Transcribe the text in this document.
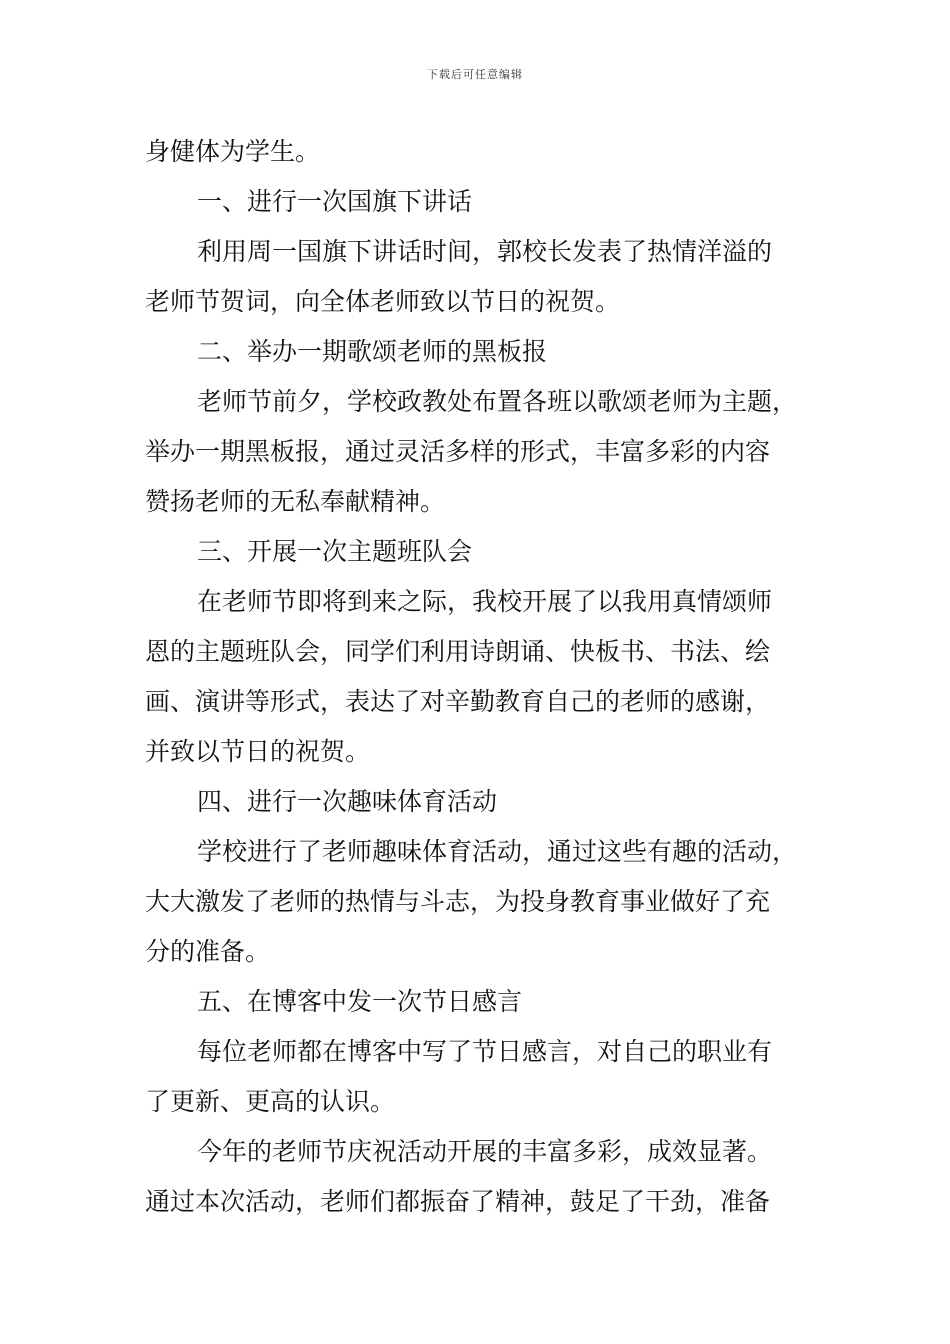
下载后可任意编辑
身健体为学生。
一、进行一次国旗下讲话
利用周一国旗下讲话时间，郭校长发表了热情洋溢的
老师节贺词，向全体老师致以节日的祝贺。
二、举办一期歌颂老师的黑板报
老师节前夕，学校政教处布置各班以歌颂老师为主题，
举办一期黑板报，通过灵活多样的形式，丰富多彩的内容
赞扬老师的无私奉献精神。
三、开展一次主题班队会
在老师节即将到来之际，我校开展了以我用真情颂师
恩的主题班队会，同学们利用诗朗诵、快板书、书法、绘
画、演讲等形式，表达了对辛勤教育自己的老师的感谢，
并致以节日的祝贺。
四、进行一次趣味体育活动
学校进行了老师趣味体育活动，通过这些有趣的活动，
大大激发了老师的热情与斗志，为投身教育事业做好了充
分的准备。
五、在博客中发一次节日感言
每位老师都在博客中写了节日感言，对自己的职业有
了更新、更高的认识。
今年的老师节庆祝活动开展的丰富多彩，成效显著。
通过本次活动，老师们都振奋了精神，鼓足了干劲，准备
